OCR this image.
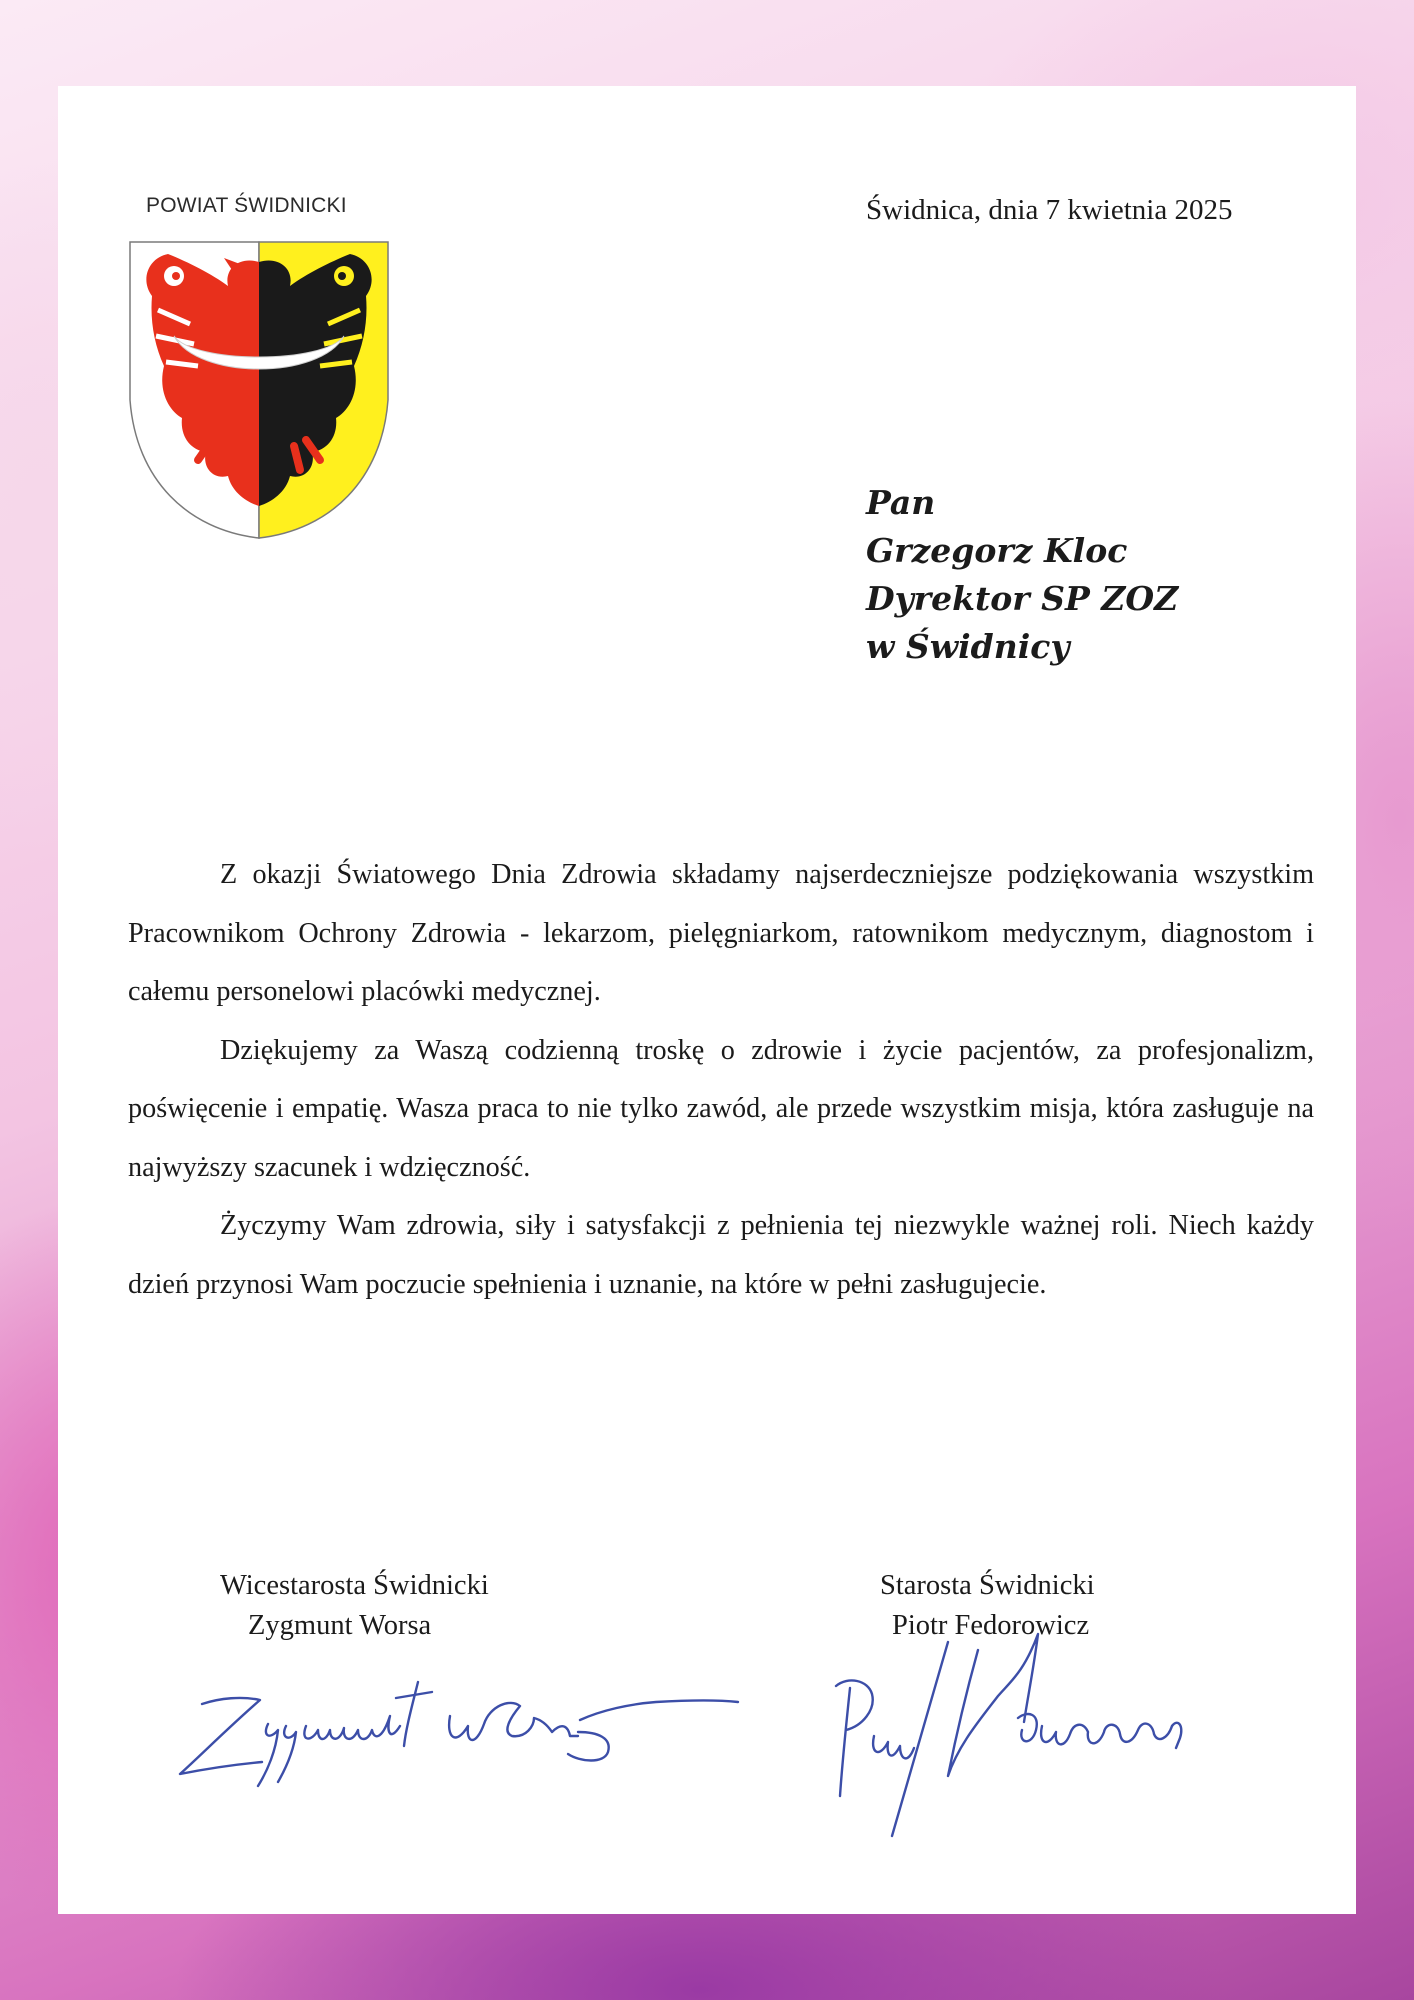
POWIAT ŚWIDNICKI	Świdnica, dnia 7 kwietnia 2025
Pan
Grzegorz Kloc
Dyrektor SP ZOZ
w Świdnicy

Z okazji Światowego Dnia Zdrowia składamy najserdeczniejsze podziękowania wszystkim Pracownikom Ochrony Zdrowia - lekarzom, pielęgniarkom, ratownikom medycznym, diagnostom i całemu personelowi placówki medycznej.

Dziękujemy za Waszą codzienną troskę o zdrowie i życie pacjentów, za profesjonalizm, poświęcenie i empatię. Wasza praca to nie tylko zawód, ale przede wszystkim misja, która zasługuje na najwyższy szacunek i wdzięczność.

Życzymy Wam zdrowia, siły i satysfakcji z pełnienia tej niezwykle ważnej roli. Niech każdy dzień przynosi Wam poczucie spełnienia i uznanie, na które w pełni zasługujecie.

Wicestarosta Świdnicki
Zygmunt Worsa
Starosta Świdnicki
Piotr Fedorowicz
